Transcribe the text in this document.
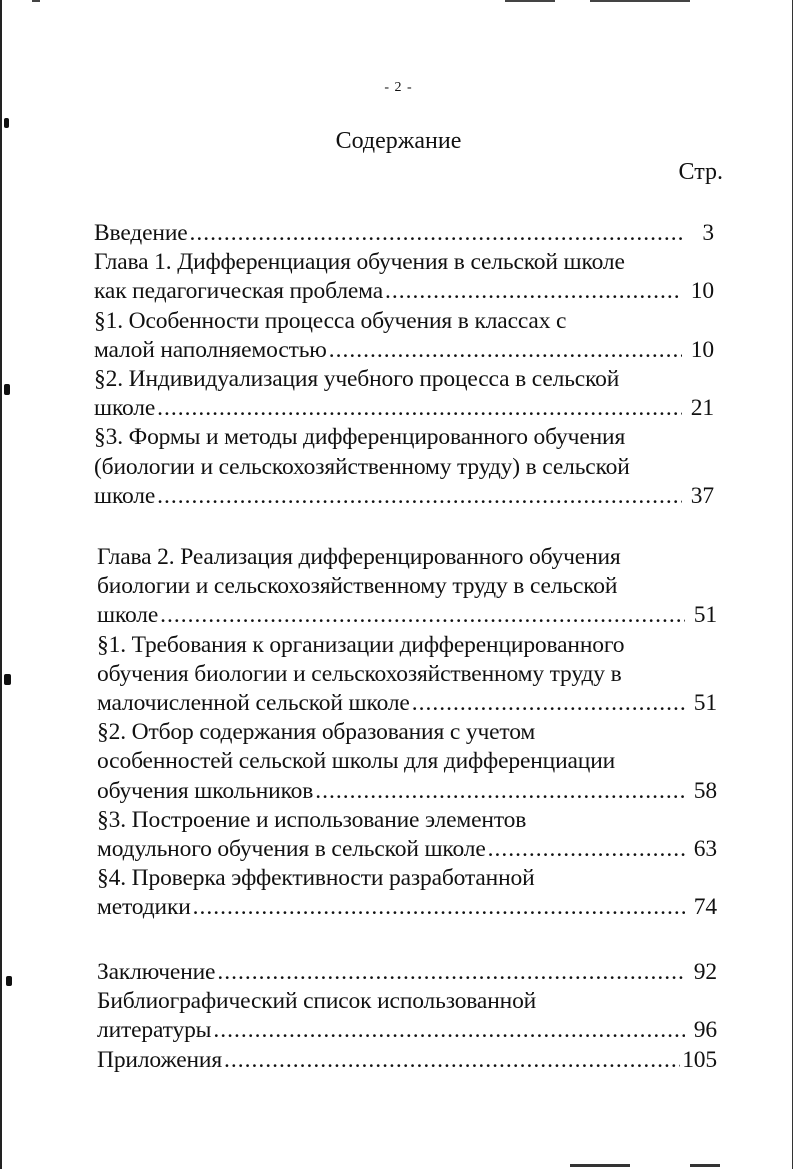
- 2 -
Содержание
Стр.
Введение .....	3
Глава 1. Дифференциация обучения в сельской школе
как педагогическая проблема .....	10
§1. Особенности процесса обучения в классах с
малой наполняемостью .....	10
§2. Индивидуализация учебного процесса в сельской
школе .....	21
§3. Формы и методы дифференцированного обучения
(биологии и сельскохозяйственному труду) в сельской
школе .....	37
Глава 2. Реализация дифференцированного обучения
биологии и сельскохозяйственному труду в сельской
школе .....	51
§1. Требования к организации дифференцированного
обучения биологии и сельскохозяйственному труду в
малочисленной сельской школе .....	51
§2. Отбор содержания образования с учетом
особенностей сельской школы для дифференциации
обучения школьников .....	58
§3. Построение и использование элементов
модульного обучения в сельской школе .....	63
§4. Проверка эффективности разработанной
методики .....	74
Заключение .....	92
Библиографический список использованной
литературы .....	96
Приложения .....	105
